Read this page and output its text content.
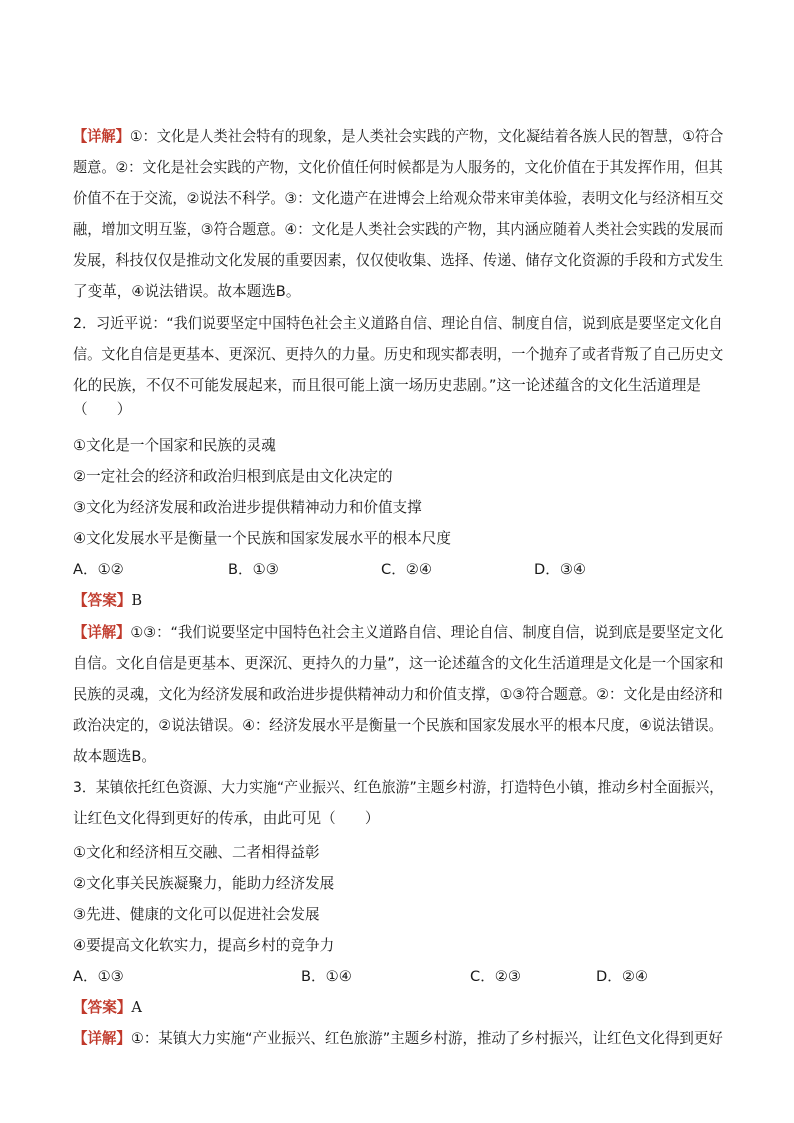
【详解】①：文化是人类社会特有的现象，是人类社会实践的产物，文化凝结着各族人民的智慧，①符合
题意。②：文化是社会实践的产物，文化价值任何时候都是为人服务的，文化价值在于其发挥作用，但其
价值不在于交流，②说法不科学。③：文化遗产在进博会上给观众带来审美体验，表明文化与经济相互交
融，增加文明互鉴，③符合题意。④：文化是人类社会实践的产物，其内涵应随着人类社会实践的发展而
发展，科技仅仅是推动文化发展的重要因素，仅仅使收集、选择、传递、储存文化资源的手段和方式发生
了变革，④说法错误。故本题选B。
2．习近平说：“我们说要坚定中国特色社会主义道路自信、理论自信、制度自信，说到底是要坚定文化自
信。文化自信是更基本、更深沉、更持久的力量。历史和现实都表明，一个抛弃了或者背叛了自己历史文
化的民族，不仅不可能发展起来，而且很可能上演一场历史悲剧。”这一论述蕴含的文化生活道理是
（　　）
①文化是一个国家和民族的灵魂
②一定社会的经济和政治归根到底是由文化决定的
③文化为经济发展和政治进步提供精神动力和价值支撑
④文化发展水平是衡量一个民族和国家发展水平的根本尺度
A．①②	B．①③	C．②④	D．③④
【答案】B
【详解】①③：“我们说要坚定中国特色社会主义道路自信、理论自信、制度自信，说到底是要坚定文化
自信。文化自信是更基本、更深沉、更持久的力量”，这一论述蕴含的文化生活道理是文化是一个国家和
民族的灵魂，文化为经济发展和政治进步提供精神动力和价值支撑，①③符合题意。②：文化是由经济和
政治决定的，②说法错误。④：经济发展水平是衡量一个民族和国家发展水平的根本尺度，④说法错误。
故本题选B。
3．某镇依托红色资源、大力实施“产业振兴、红色旅游”主题乡村游，打造特色小镇，推动乡村全面振兴，
让红色文化得到更好的传承，由此可见（　　）
①文化和经济相互交融、二者相得益彰
②文化事关民族凝聚力，能助力经济发展
③先进、健康的文化可以促进社会发展
④要提高文化软实力，提高乡村的竞争力
A．①③	B．①④	C．②③	D．②④
【答案】A
【详解】①：某镇大力实施“产业振兴、红色旅游”主题乡村游，推动了乡村振兴，让红色文化得到更好
